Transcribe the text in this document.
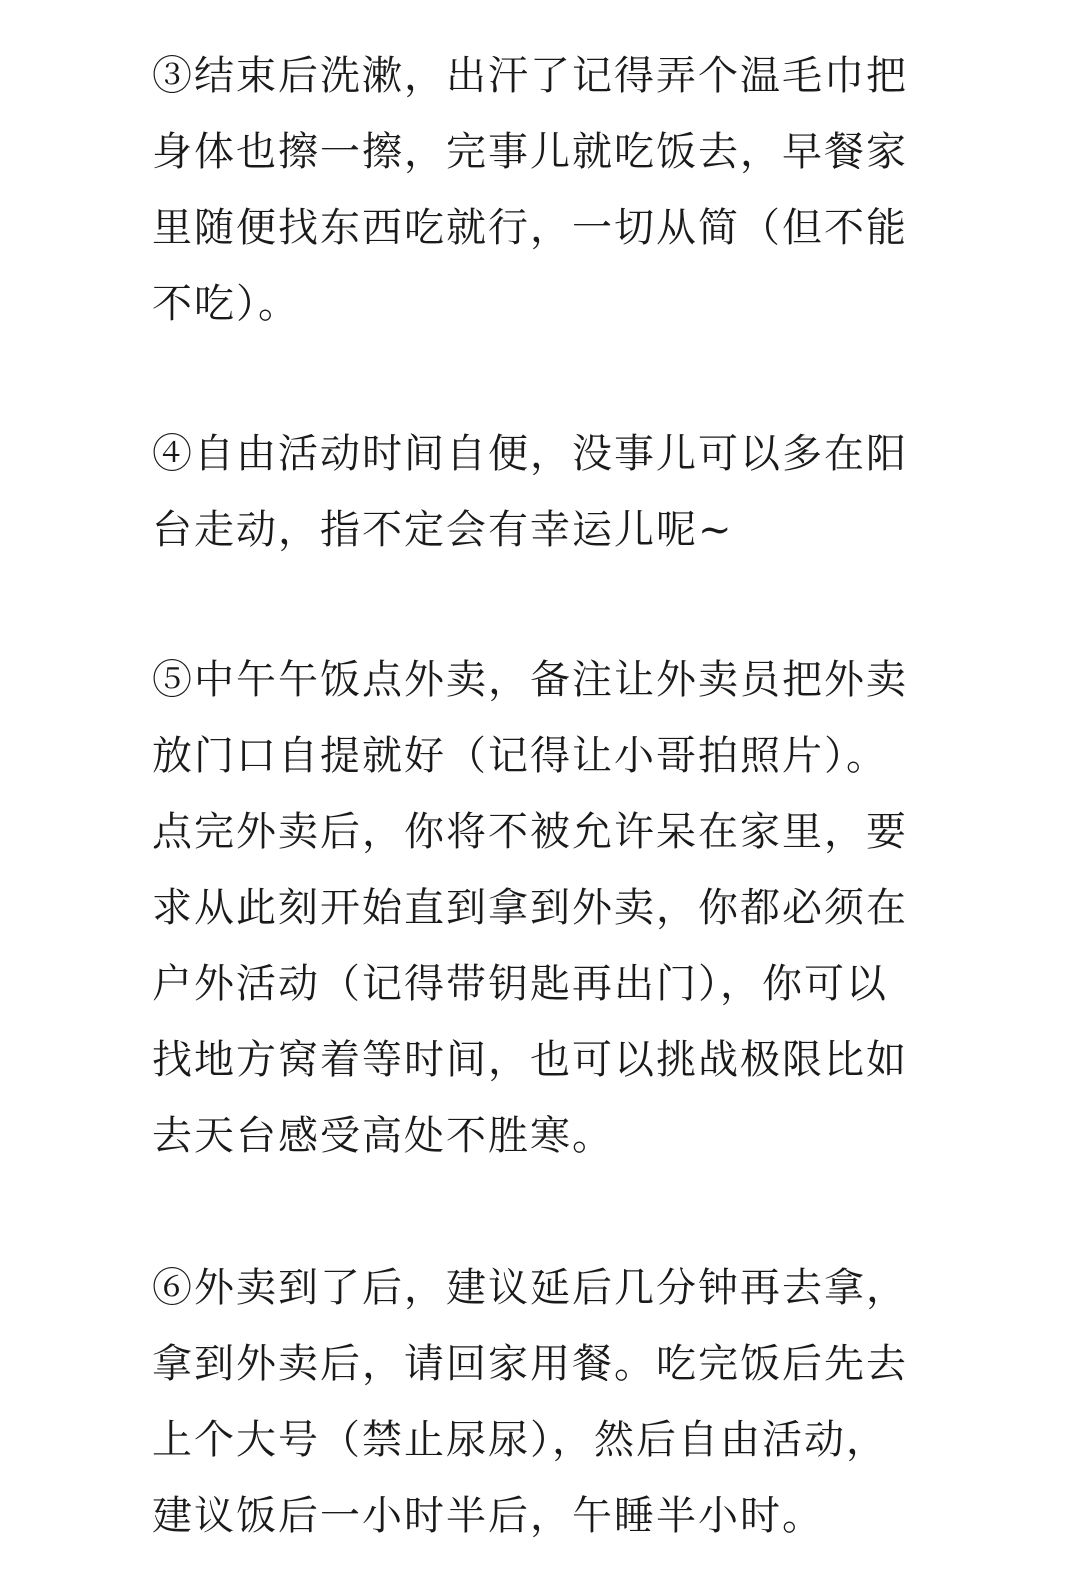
③结束后洗漱，出汗了记得弄个温毛巾把
身体也擦一擦，完事儿就吃饭去，早餐家
里随便找东西吃就行，一切从简（但不能
不吃）。
④自由活动时间自便，没事儿可以多在阳
台走动，指不定会有幸运儿呢~
⑤中午午饭点外卖，备注让外卖员把外卖
放门口自提就好（记得让小哥拍照片）。
点完外卖后，你将不被允许呆在家里，要
求从此刻开始直到拿到外卖，你都必须在
户外活动（记得带钥匙再出门），你可以
找地方窝着等时间，也可以挑战极限比如
去天台感受高处不胜寒。
⑥外卖到了后，建议延后几分钟再去拿，
拿到外卖后，请回家用餐。吃完饭后先去
上个大号（禁止尿尿），然后自由活动，
建议饭后一小时半后，午睡半小时。
